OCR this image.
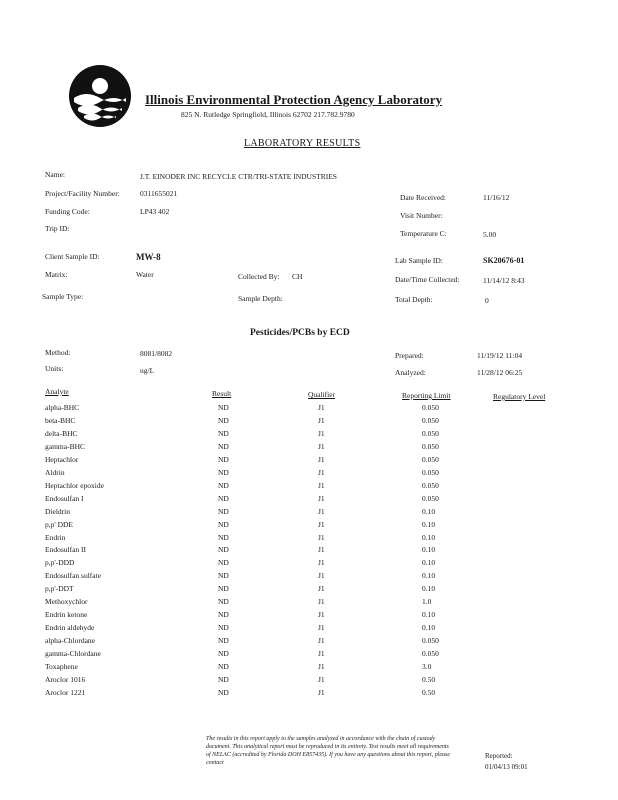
Illinois Environmental Protection Agency Laboratory
825 N. Rutledge Springfield, Illinois 62702 217.782.9780
LABORATORY RESULTS
Name:	J.T. EINODER INC RECYCLE CTR/TRI-STATE INDUSTRIES
Project/Facility Number:	0311655021	Date Received:	11/16/12
Funding Code:	LP43 402	Visit Number:
Trip ID:
Temperature C:	5.00
Client Sample ID:	MW-8	Lab Sample ID:	SK20676-01
Matrix:	Water	Collected By: CH	Date/Time Collected:	11/14/12 8:43
Sample Type:	Sample Depth:	Total Depth:	0
Pesticides/PCBs by ECD
Method:	8081/8082	Prepared:	11/19/12 11:04
Units:	ug/L	Analyzed:	11/28/12 06:25
Analyte	Result	Qualifier	Reporting Limit	Regulatory Level
alpha-BHC	ND	J1	0.050
beta-BHC	ND	J1	0.050
delta-BHC	ND	J1	0.050
gamma-BHC	ND	J1	0.050
Heptachlor	ND	J1	0.050
Aldrin	ND	J1	0.050
Heptachlor epoxide	ND	J1	0.050
Endosulfan I	ND	J1	0.050
Dieldrin	ND	J1	0.10
p,p' DDE	ND	J1	0.10
Endrin	ND	J1	0.10
Endosulfan II	ND	J1	0.10
p,p'-DDD	ND	J1	0.10
Endosulfan sulfate	ND	J1	0.10
p,p'-DDT	ND	J1	0.10
Methoxychlor	ND	J1	1.0
Endrin ketone	ND	J1	0.10
Endrin aldehyde	ND	J1	0.10
alpha-Chlordane	ND	J1	0.050
gamma-Chlordane	ND	J1	0.050
Toxaphene	ND	J1	3.0
Aroclor 1016	ND	J1	0.50
Aroclor 1221	ND	J1	0.50
The results in this report apply to the samples analyzed in accordance with the chain of custody document. This analytical report must be reproduced in its entirety. Test results meet all requirements of NELAC (accredited by Florida DOH E857435). If you have any questions about this report, please contact
Reported:
01/04/13 09:01
